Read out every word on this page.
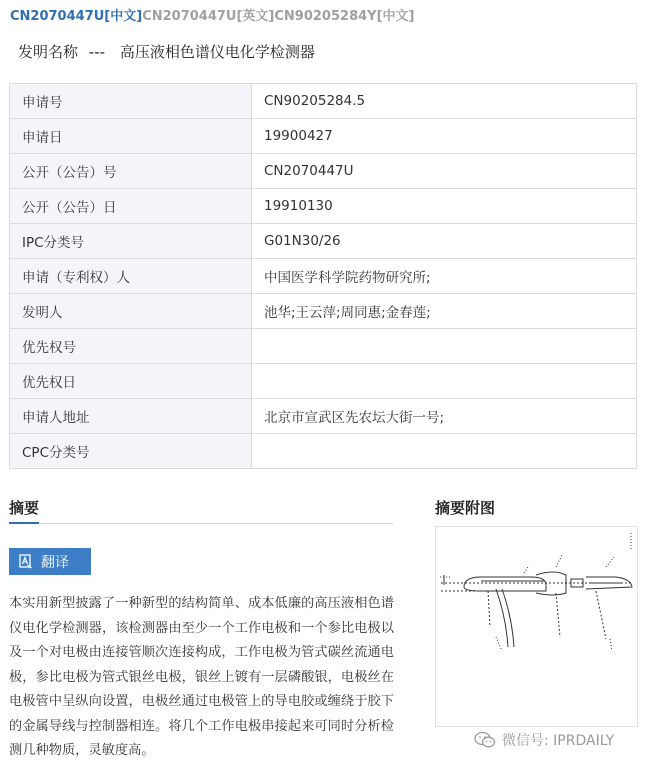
CN2070447U[中文]CN2070447U[英文]CN90205284Y[中文]
发明名称 --- 高压液相色谱仪电化学检测器
申请号	CN90205284.5
申请日	19900427
公开（公告）号	CN2070447U
公开（公告）日	19910130
IPC分类号	G01N30/26
申请（专利权）人	中国医学科学院药物研究所;
发明人	池华;王云萍;周同惠;金春莲;
优先权号	
优先权日	
申请人地址	北京市宣武区先农坛大街一号;
CPC分类号	
摘要
翻译
本实用新型披露了一种新型的结构简单、成本低廉的高压液相色谱仪电化学检测器，该检测器由至少一个工作电极和一个参比电极以及一个对电极由连接管顺次连接构成，工作电极为管式碳丝流通电极，参比电极为管式银丝电极，银丝上镀有一层磷酸银，电极丝在电极管中呈纵向设置，电极丝通过电极管上的导电胶或缠绕于胶下的金属导线与控制器相连。将几个工作电极串接起来可同时分析检测几种物质，灵敏度高。
摘要附图
微信号: IPRDAILY
